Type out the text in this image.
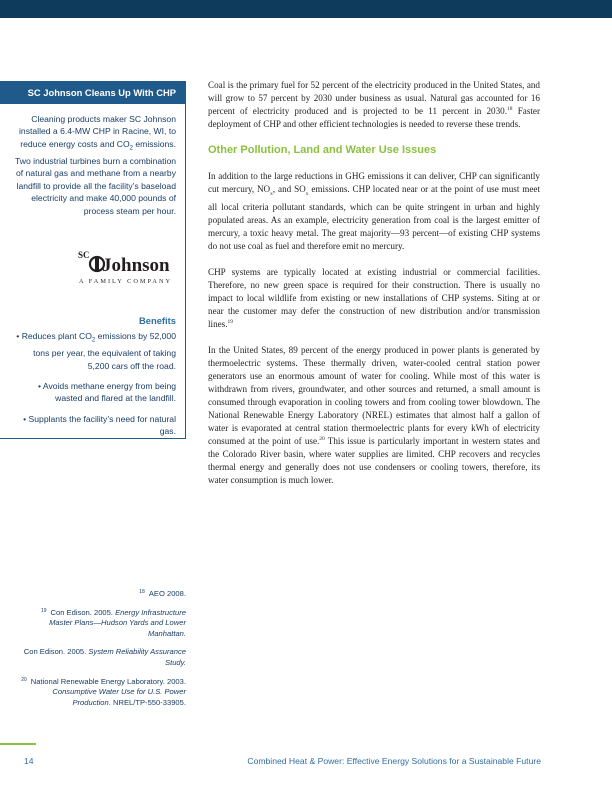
SC Johnson Cleans Up With CHP
Cleaning products maker SC Johnson installed a 6.4-MW CHP in Racine, WI, to reduce energy costs and $CO_2$ emissions. Two industrial turbines burn a combination of natural gas and methane from a nearby landfill to provide all the facility’s baseload electricity and make 40,000 pounds of process steam per hour.
SC Johnson
A FAMILY COMPANY
Benefits
• Reduces plant $CO_2$ emissions by 52,000 tons per year, the equivalent of taking 5,200 cars off the road.
• Avoids methane energy from being wasted and flared at the landfill.
• Supplants the facility’s need for natural gas.

Coal is the primary fuel for 52 percent of the electricity produced in the United States, and will grow to 57 percent by 2030 under business as usual. Natural gas accounted for 16 percent of electricity produced and is projected to be 11 percent in 2030.18 Faster deployment of CHP and other efficient technologies is needed to reverse these trends.

Other Pollution, Land and Water Use Issues

In addition to the large reductions in GHG emissions it can deliver, CHP can significantly cut mercury, $NO_x$, and $SO_x$ emissions. CHP located near or at the point of use must meet all local criteria pollutant standards, which can be quite stringent in urban and highly populated areas. As an example, electricity generation from coal is the largest emitter of mercury, a toxic heavy metal. The great majority—93 percent—of existing CHP systems do not use coal as fuel and therefore emit no mercury.

CHP systems are typically located at existing industrial or commercial facilities. Therefore, no new green space is required for their construction. There is usually no impact to local wildlife from existing or new installations of CHP systems. Siting at or near the customer may defer the construction of new distribution and/or transmission lines.$^{19}$

In the United States, 89 percent of the energy produced in power plants is generated by thermoelectric systems. These thermally driven, water-cooled central station power generators use an enormous amount of water for cooling. While most of this water is withdrawn from rivers, groundwater, and other sources and returned, a small amount is consumed through evaporation in cooling towers and from cooling tower blowdown. The National Renewable Energy Laboratory (NREL) estimates that almost half a gallon of water is evaporated at central station thermoelectric plants for every kWh of electricity consumed at the point of use.$^{20}$ This issue is particularly important in western states and the Colorado River basin, where water supplies are limited. CHP recovers and recycles thermal energy and generally does not use condensers or cooling towers, therefore, its water consumption is much lower.

$^{18}$ AEO 2008.
$^{19}$ Con Edison. 2005. Energy Infrastructure Master Plans—Hudson Yards and Lower Manhattan.
Con Edison. 2005. System Reliability Assurance Study.
$^{20}$ National Renewable Energy Laboratory. 2003. Consumptive Water Use for U.S. Power Production. NREL/TP-550-33905.
14	Combined Heat & Power: Effective Energy Solutions for a Sustainable Future
